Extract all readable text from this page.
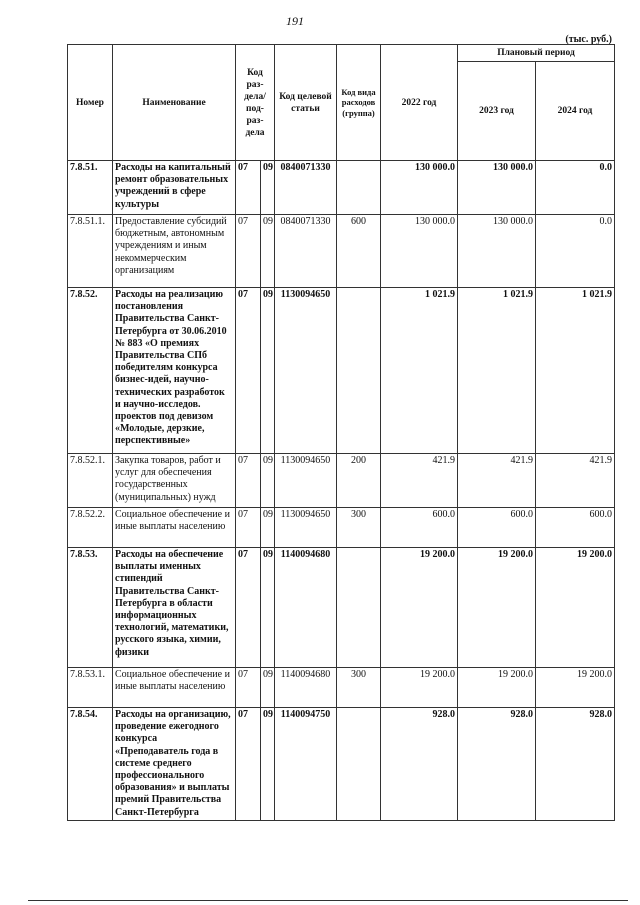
191
(тыс. руб.)
Номер	Наименование	Код раз-дела/ под-раз-дела		Код целевой статьи	Код вида расходов (группа)	2022 год	Плановый период	
							2023 год	2024 год
7.8.51.	Расходы на капитальный ремонт образовательных учреждений в сфере культуры	07	09	0840071330		130 000.0	130 000.0	0.0
7.8.51.1.	Предоставление субсидий бюджетным, автономным учреждениям и иным некоммерческим организациям	07	09	0840071330	600	130 000.0	130 000.0	0.0
7.8.52.	Расходы на реализацию постановления Правительства Санкт-Петербурга от 30.06.2010 № 883 «О премиях Правительства СПб победителям конкурса бизнес-идей, научно-технических разработок и научно-исследов. проектов под девизом «Молодые, дерзкие, перспективные»	07	09	1130094650		1 021.9	1 021.9	1 021.9
7.8.52.1.	Закупка товаров, работ и услуг для обеспечения государственных (муниципальных) нужд	07	09	1130094650	200	421.9	421.9	421.9
7.8.52.2.	Социальное обеспечение и иные выплаты населению	07	09	1130094650	300	600.0	600.0	600.0
7.8.53.	Расходы на обеспечение выплаты именных стипендий Правительства Санкт-Петербурга в области информационных технологий, математики, русского языка, химии, физики	07	09	1140094680		19 200.0	19 200.0	19 200.0
7.8.53.1.	Социальное обеспечение и иные выплаты населению	07	09	1140094680	300	19 200.0	19 200.0	19 200.0
7.8.54.	Расходы на организацию, проведение ежегодного конкурса «Преподаватель года в системе среднего профессионального образования» и выплаты премий Правительства Санкт-Петербурга	07	09	1140094750		928.0	928.0	928.0
